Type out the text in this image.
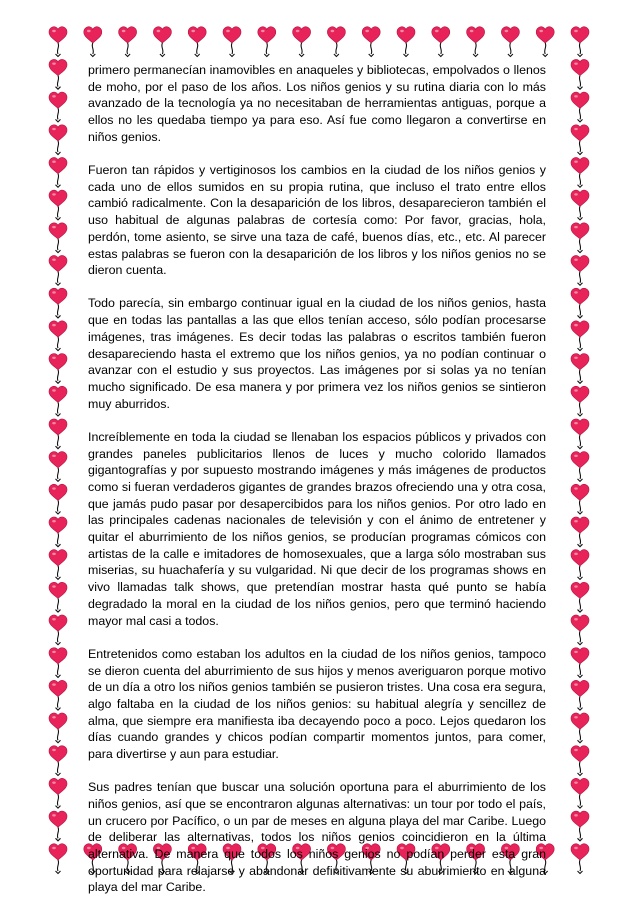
primero permanecían inamovibles en anaqueles y bibliotecas, empolvados o llenos de moho, por el paso de los años. Los niños genios y su rutina diaria con lo más avanzado de la tecnología ya no necesitaban de herramientas antiguas, porque a ellos no les quedaba tiempo ya para eso. Así fue como llegaron a convertirse en niños genios.

Fueron tan rápidos y vertiginosos los cambios en la ciudad de los niños genios y cada uno de ellos sumidos en su propia rutina, que incluso el trato entre ellos cambió radicalmente. Con la desaparición de los libros, desaparecieron también el uso habitual de algunas palabras de cortesía como: Por favor, gracias, hola, perdón, tome asiento, se sirve una taza de café, buenos días, etc., etc. Al parecer estas palabras se fueron con la desaparición de los libros y los niños genios no se dieron cuenta.

Todo parecía, sin embargo continuar igual en la ciudad de los niños genios, hasta que en todas las pantallas a las que ellos tenían acceso, sólo podían procesarse imágenes, tras imágenes. Es decir todas las palabras o escritos también fueron desapareciendo hasta el extremo que los niños genios, ya no podían continuar o avanzar con el estudio y sus proyectos. Las imágenes por si solas ya no tenían mucho significado. De esa manera y por primera vez los niños genios se sintieron muy aburridos.

Increíblemente en toda la ciudad se llenaban los espacios públicos y privados con grandes paneles publicitarios llenos de luces y mucho colorido llamados gigantografías y por supuesto mostrando imágenes y más imágenes de productos como si fueran verdaderos gigantes de grandes brazos ofreciendo una y otra cosa, que jamás pudo pasar por desapercibidos para los niños genios. Por otro lado en las principales cadenas nacionales de televisión y con el ánimo de entretener y quitar el aburrimiento de los niños genios, se producían programas cómicos con artistas de la calle e imitadores de homosexuales, que a larga sólo mostraban sus miserias, su huachafería y su vulgaridad. Ni que decir de los programas shows en vivo llamadas talk shows, que pretendían mostrar hasta qué punto se había degradado la moral en la ciudad de los niños genios, pero que terminó haciendo mayor mal casi a todos.

Entretenidos como estaban los adultos en la ciudad de los niños genios, tampoco se dieron cuenta del aburrimiento de sus hijos y menos averiguaron porque motivo de un día a otro los niños genios también se pusieron tristes. Una cosa era segura, algo faltaba en la ciudad de los niños genios: su habitual alegría y sencillez de alma, que siempre era manifiesta iba decayendo poco a poco. Lejos quedaron los días cuando grandes y chicos podían compartir momentos juntos, para comer, para divertirse y aun para estudiar.

Sus padres tenían que buscar una solución oportuna para el aburrimiento de los niños genios, así que se encontraron algunas alternativas: un tour por todo el país, un crucero por Pacífico, o un par de meses en alguna playa del mar Caribe. Luego de deliberar las alternativas, todos los niños genios coincidieron en la última alternativa. De manera que todos los niños genios no podían perder esta gran oportunidad para relajarse y abandonar definitivamente su aburrimiento en alguna playa del mar Caribe.
